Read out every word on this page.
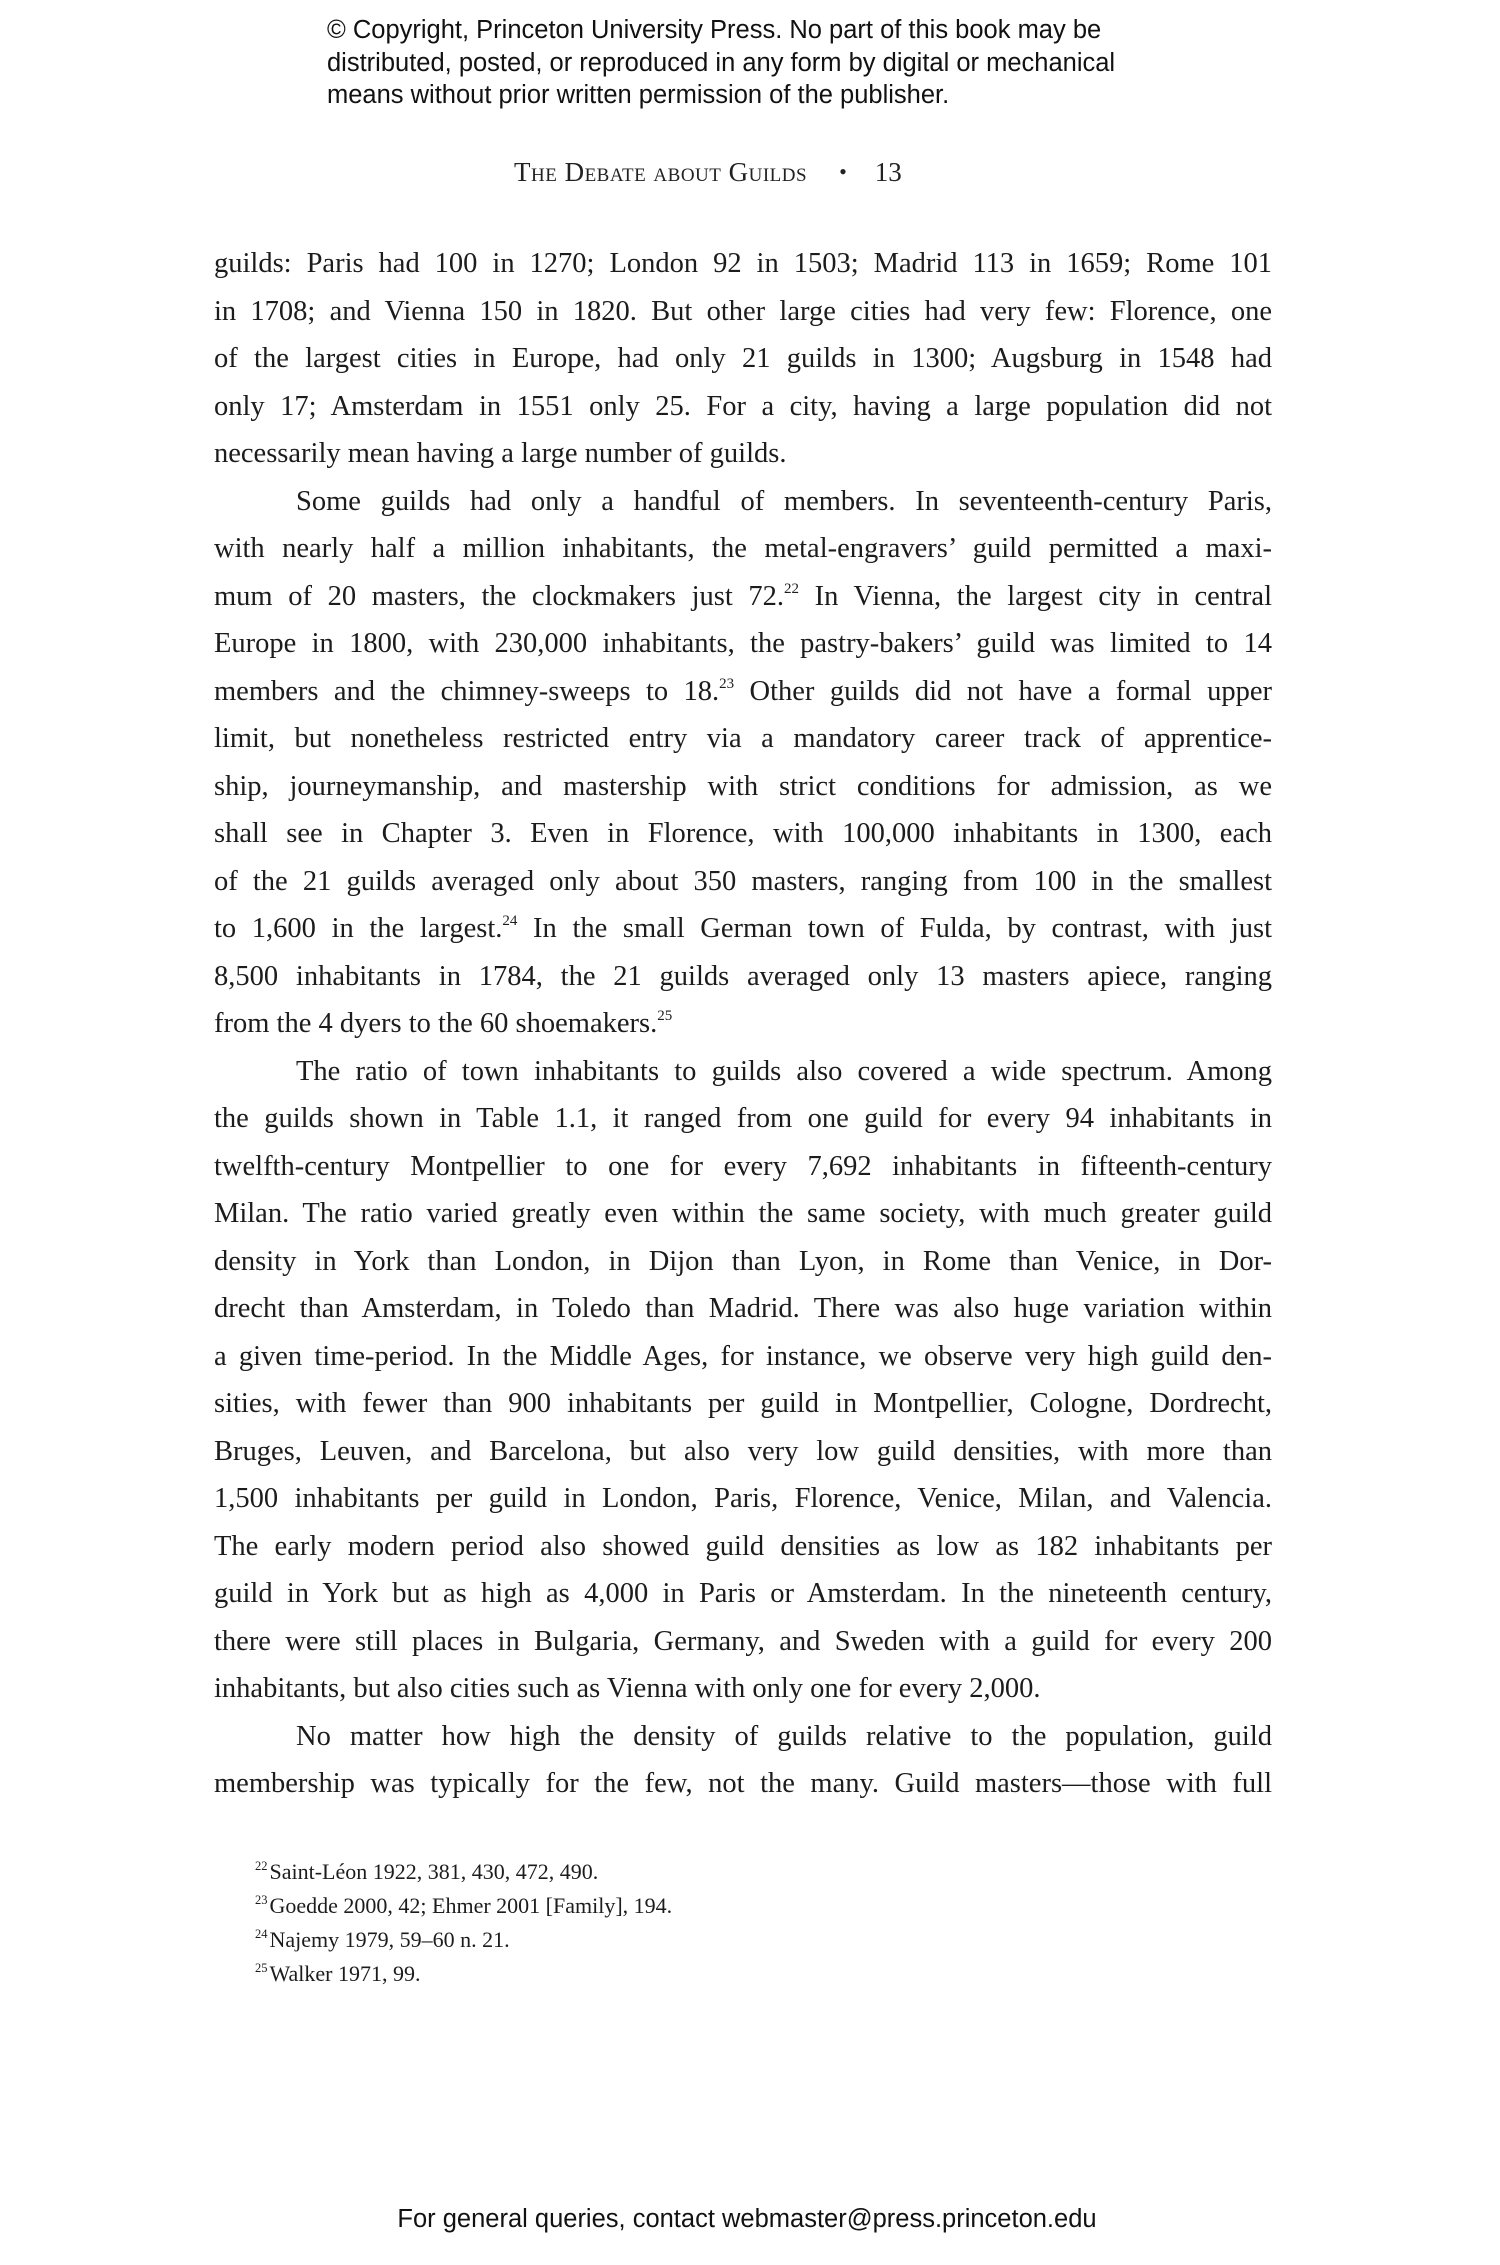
© Copyright, Princeton University Press. No part of this book may be
distributed, posted, or reproduced in any form by digital or mechanical
means without prior written permission of the publisher.
The Debate about Guilds • 13
guilds: Paris had 100 in 1270; London 92 in 1503; Madrid 113 in 1659; Rome 101
in 1708; and Vienna 150 in 1820. But other large cities had very few: Florence, one
of the largest cities in Europe, had only 21 guilds in 1300; Augsburg in 1548 had
only 17; Amsterdam in 1551 only 25. For a city, having a large population did not
necessarily mean having a large number of guilds.
Some guilds had only a handful of members. In seventeenth-century Paris,
with nearly half a million inhabitants, the metal-engravers’ guild permitted a maxi-
mum of 20 masters, the clockmakers just 72.22 In Vienna, the largest city in central
Europe in 1800, with 230,000 inhabitants, the pastry-bakers’ guild was limited to 14
members and the chimney-sweeps to 18.23 Other guilds did not have a formal upper
limit, but nonetheless restricted entry via a mandatory career track of apprentice-
ship, journeymanship, and mastership with strict conditions for admission, as we
shall see in Chapter 3. Even in Florence, with 100,000 inhabitants in 1300, each
of the 21 guilds averaged only about 350 masters, ranging from 100 in the smallest
to 1,600 in the largest.$^{24}$ In the small German town of Fulda, by contrast, with just
8,500 inhabitants in 1784, the 21 guilds averaged only 13 masters apiece, ranging
from the 4 dyers to the 60 shoemakers.$^{25}$
The ratio of town inhabitants to guilds also covered a wide spectrum. Among
the guilds shown in Table 1.1, it ranged from one guild for every 94 inhabitants in
twelfth-century Montpellier to one for every 7,692 inhabitants in fifteenth-century
Milan. The ratio varied greatly even within the same society, with much greater guild
density in York than London, in Dijon than Lyon, in Rome than Venice, in Dor-
drecht than Amsterdam, in Toledo than Madrid. There was also huge variation within
a given time-period. In the Middle Ages, for instance, we observe very high guild den-
sities, with fewer than 900 inhabitants per guild in Montpellier, Cologne, Dordrecht,
Bruges, Leuven, and Barcelona, but also very low guild densities, with more than
1,500 inhabitants per guild in London, Paris, Florence, Venice, Milan, and Valencia.
The early modern period also showed guild densities as low as 182 inhabitants per
guild in York but as high as 4,000 in Paris or Amsterdam. In the nineteenth century,
there were still places in Bulgaria, Germany, and Sweden with a guild for every 200
inhabitants, but also cities such as Vienna with only one for every 2,000.
No matter how high the density of guilds relative to the population, guild
membership was typically for the few, not the many. Guild masters—those with full
$^{22}$Saint-Léon 1922, 381, 430, 472, 490.
$^{23}$Goedde 2000, 42; Ehmer 2001 [Family], 194.
$^{24}$Najemy 1979, 59–60 n. 21.
$^{25}$Walker 1971, 99.
For general queries, contact webmaster@press.princeton.edu
